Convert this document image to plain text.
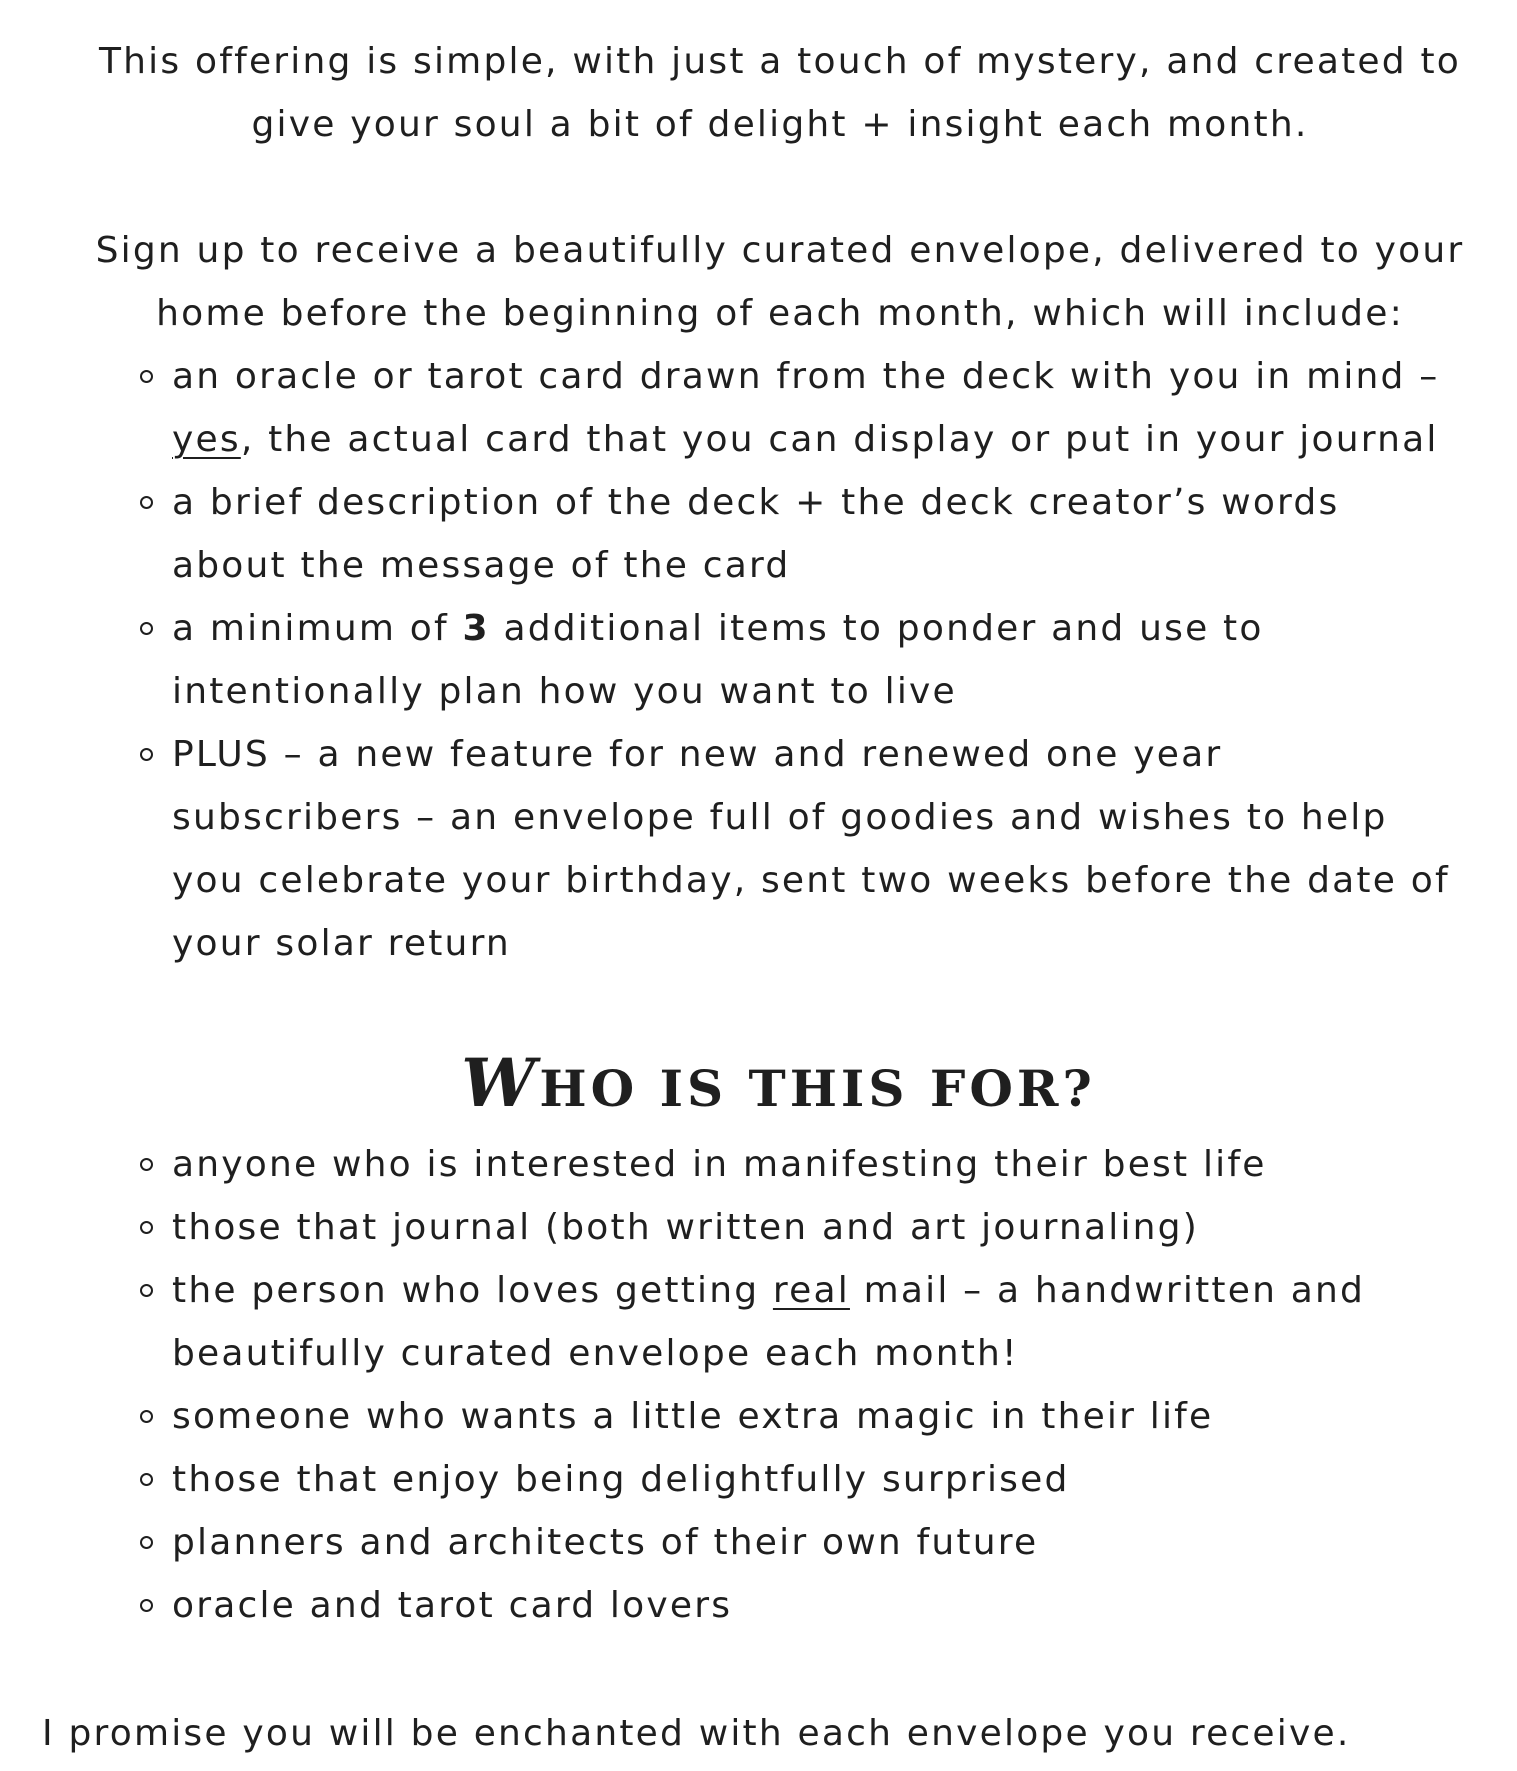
This offering is simple, with just a touch of mystery, and created to
give your soul a bit of delight + insight each month.

Sign up to receive a beautifully curated envelope, delivered to your
home before the beginning of each month, which will include:

an oracle or tarot card drawn from the deck with you in mind –
yes, the actual card that you can display or put in your journal
a brief description of the deck + the deck creator’s words
about the message of the card
a minimum of 3 additional items to ponder and use to
intentionally plan how you want to live
PLUS – a new feature for new and renewed one year
subscribers – an envelope full of goodies and wishes to help
you celebrate your birthday, sent two weeks before the date of
your solar return
WHO IS THIS FOR?
anyone who is interested in manifesting their best life
those that journal (both written and art journaling)
the person who loves getting real mail – a handwritten and
beautifully curated envelope each month!
someone who wants a little extra magic in their life
those that enjoy being delightfully surprised
planners and architects of their own future
oracle and tarot card lovers

I promise you will be enchanted with each envelope you receive.
